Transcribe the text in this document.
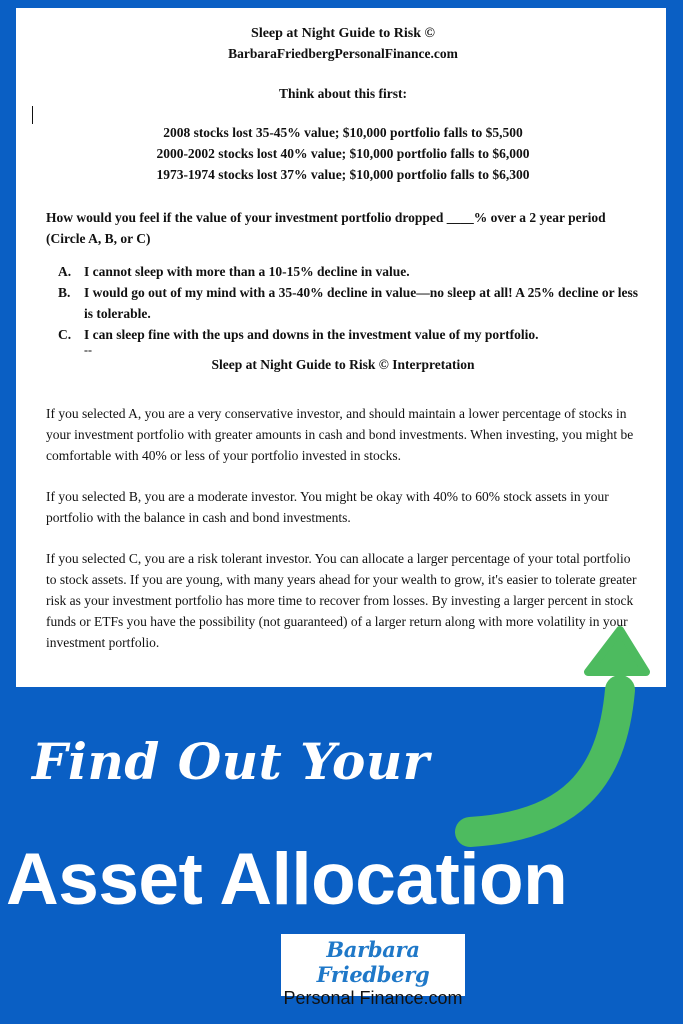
Sleep at Night Guide to Risk ©
BarbaraFriedbergPersonalFinance.com
Think about this first:
2008 stocks lost 35-45% value; $10,000 portfolio falls to $5,500
2000-2002 stocks lost 40% value; $10,000 portfolio falls to $6,000
1973-1974 stocks lost 37% value; $10,000 portfolio falls to $6,300
How would you feel if the value of your investment portfolio dropped ____% over a 2 year period (Circle A, B, or C)
A. I cannot sleep with more than a 10-15% decline in value.
B.	I would go out of my mind with a 35-40% decline in value—no sleep at all! A 25% decline or less is tolerable.
C. I can sleep fine with the ups and downs in the investment value of my portfolio.
--
Sleep at Night Guide to Risk © Interpretation
If you selected A, you are a very conservative investor, and should maintain a lower percentage of stocks in your investment portfolio with greater amounts in cash and bond investments. When investing, you might be comfortable with 40% or less of your portfolio invested in stocks.
If you selected B, you are a moderate investor. You might be okay with 40% to 60% stock assets in your portfolio with the balance in cash and bond investments.
If you selected C, you are a risk tolerant investor. You can allocate a larger percentage of your total portfolio to stock assets. If you are young, with many years ahead for your wealth to grow, it's easier to tolerate greater risk as your investment portfolio has more time to recover from losses. By investing a larger percent in stock funds or ETFs you have the possibility (not guaranteed) of a larger return along with more volatility in your investment portfolio.
Find Out Your
Asset Allocation
Barbara Friedberg
Personal Finance.com
